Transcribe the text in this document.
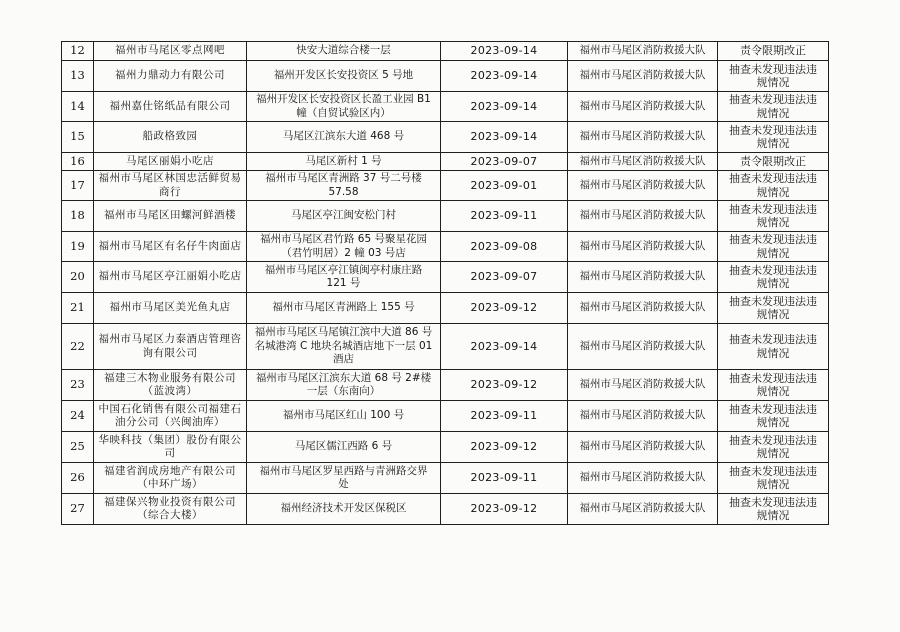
12	福州市马尾区零点网吧	快安大道综合楼一层	2023-09-14	福州市马尾区消防救援大队	责令限期改正
13	福州力鼎动力有限公司	福州开发区长安投资区 5 号地	2023-09-14	福州市马尾区消防救援大队	抽查未发现违法违
规情况
14	福州嘉仕铭纸品有限公司	福州开发区长安投资区长盈工业园 B1
幢（自贸试验区内）	2023-09-14	福州市马尾区消防救援大队	抽查未发现违法违
规情况
15	船政格致园	马尾区江滨东大道 468 号	2023-09-14	福州市马尾区消防救援大队	抽查未发现违法违
规情况
16	马尾区丽娟小吃店	马尾区新村 1 号	2023-09-07	福州市马尾区消防救援大队	责令限期改正
17	福州市马尾区林国忠活鲜贸易
商行	福州市马尾区青洲路 37 号二号楼
57.58	2023-09-01	福州市马尾区消防救援大队	抽查未发现违法违
规情况
18	福州市马尾区田螺河鲜酒楼	马尾区亭江闽安松门村	2023-09-11	福州市马尾区消防救援大队	抽查未发现违法违
规情况
19	福州市马尾区有名仔牛肉面店	福州市马尾区君竹路 65 号聚星花园
（君竹明居）2 幢 03 号店	2023-09-08	福州市马尾区消防救援大队	抽查未发现违法违
规情况
20	福州市马尾区亭江丽娟小吃店	福州市马尾区亭江镇闽亭村康庄路
121 号	2023-09-07	福州市马尾区消防救援大队	抽查未发现违法违
规情况
21	福州市马尾区美光鱼丸店	福州市马尾区青洲路上 155 号	2023-09-12	福州市马尾区消防救援大队	抽查未发现违法违
规情况
22	福州市马尾区力泰酒店管理咨
询有限公司	福州市马尾区马尾镇江滨中大道 86 号
名城港湾 C 地块名城酒店地下一层 01
酒店	2023-09-14	福州市马尾区消防救援大队	抽查未发现违法违
规情况
23	福建三木物业服务有限公司
（蓝波湾）	福州市马尾区江滨东大道 68 号 2#楼
一层（东南向）	2023-09-12	福州市马尾区消防救援大队	抽查未发现违法违
规情况
24	中国石化销售有限公司福建石
油分公司（兴闽油库）	福州市马尾区红山 100 号	2023-09-11	福州市马尾区消防救援大队	抽查未发现违法违
规情况
25	华映科技（集团）股份有限公
司	马尾区儒江西路 6 号	2023-09-12	福州市马尾区消防救援大队	抽查未发现违法违
规情况
26	福建省润成房地产有限公司
（中环广场）	福州市马尾区罗星西路与青洲路交界
处	2023-09-11	福州市马尾区消防救援大队	抽查未发现违法违
规情况
27	福建保兴物业投资有限公司
（综合大楼）	福州经济技术开发区保税区	2023-09-12	福州市马尾区消防救援大队	抽查未发现违法违
规情况
